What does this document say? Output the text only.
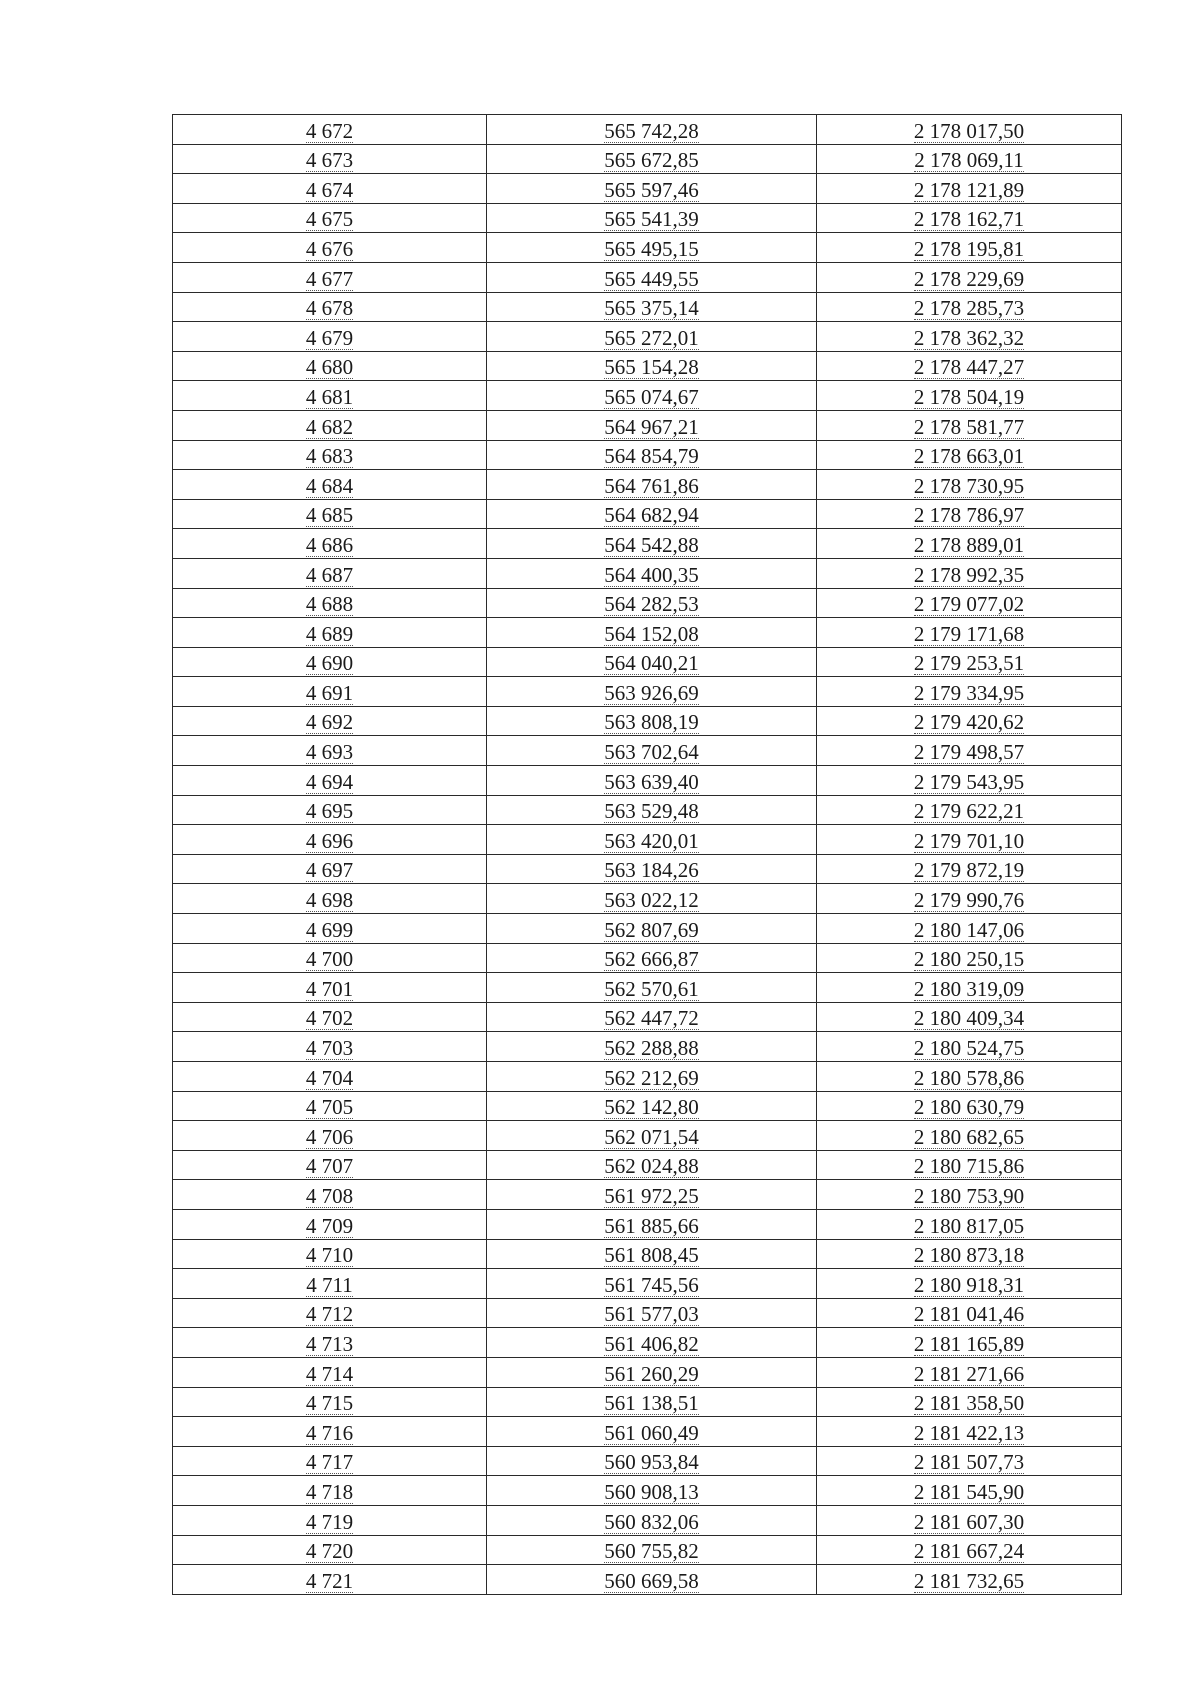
4 672	565 742,28	2 178 017,50
4 673	565 672,85	2 178 069,11
4 674	565 597,46	2 178 121,89
4 675	565 541,39	2 178 162,71
4 676	565 495,15	2 178 195,81
4 677	565 449,55	2 178 229,69
4 678	565 375,14	2 178 285,73
4 679	565 272,01	2 178 362,32
4 680	565 154,28	2 178 447,27
4 681	565 074,67	2 178 504,19
4 682	564 967,21	2 178 581,77
4 683	564 854,79	2 178 663,01
4 684	564 761,86	2 178 730,95
4 685	564 682,94	2 178 786,97
4 686	564 542,88	2 178 889,01
4 687	564 400,35	2 178 992,35
4 688	564 282,53	2 179 077,02
4 689	564 152,08	2 179 171,68
4 690	564 040,21	2 179 253,51
4 691	563 926,69	2 179 334,95
4 692	563 808,19	2 179 420,62
4 693	563 702,64	2 179 498,57
4 694	563 639,40	2 179 543,95
4 695	563 529,48	2 179 622,21
4 696	563 420,01	2 179 701,10
4 697	563 184,26	2 179 872,19
4 698	563 022,12	2 179 990,76
4 699	562 807,69	2 180 147,06
4 700	562 666,87	2 180 250,15
4 701	562 570,61	2 180 319,09
4 702	562 447,72	2 180 409,34
4 703	562 288,88	2 180 524,75
4 704	562 212,69	2 180 578,86
4 705	562 142,80	2 180 630,79
4 706	562 071,54	2 180 682,65
4 707	562 024,88	2 180 715,86
4 708	561 972,25	2 180 753,90
4 709	561 885,66	2 180 817,05
4 710	561 808,45	2 180 873,18
4 711	561 745,56	2 180 918,31
4 712	561 577,03	2 181 041,46
4 713	561 406,82	2 181 165,89
4 714	561 260,29	2 181 271,66
4 715	561 138,51	2 181 358,50
4 716	561 060,49	2 181 422,13
4 717	560 953,84	2 181 507,73
4 718	560 908,13	2 181 545,90
4 719	560 832,06	2 181 607,30
4 720	560 755,82	2 181 667,24
4 721	560 669,58	2 181 732,65
